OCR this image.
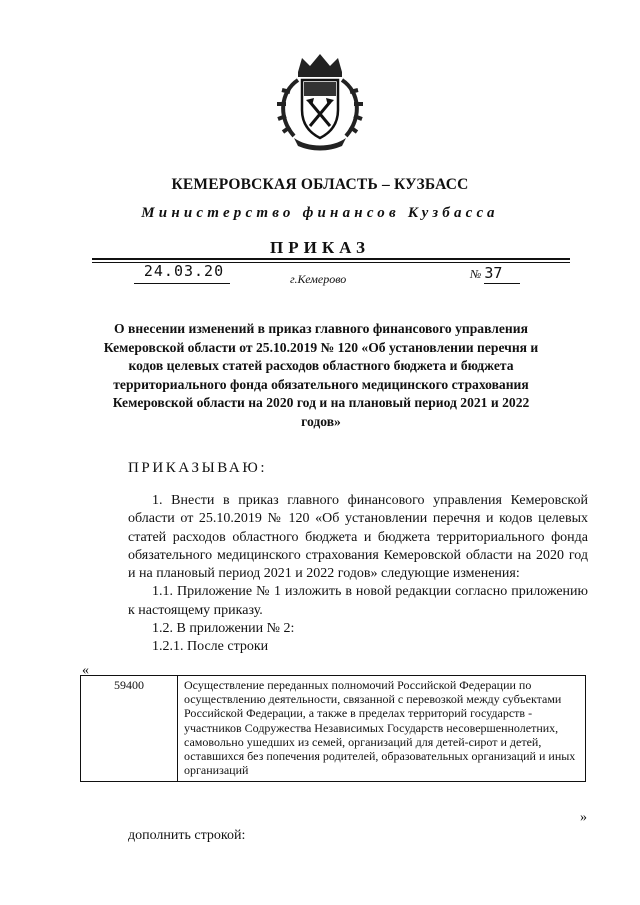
КЕМЕРОВСКАЯ ОБЛАСТЬ – КУЗБАСС
Министерство финансов Кузбасса
ПРИКАЗ
24.03.20	г.Кемерово	№ 37
О внесении изменений в приказ главного финансового управления Кемеровской области от 25.10.2019 № 120 «Об установлении перечня и кодов целевых статей расходов областного бюджета и бюджета территориального фонда обязательного медицинского страхования Кемеровской области на 2020 год и на плановый период 2021 и 2022 годов»
ПРИКАЗЫВАЮ:

1. Внести в приказ главного финансового управления Кемеровской области от 25.10.2019 № 120 «Об установлении перечня и кодов целевых статей расходов областного бюджета и бюджета территориального фонда обязательного медицинского страхования Кемеровской области на 2020 год и на плановый период 2021 и 2022 годов» следующие изменения:

1.1. Приложение № 1 изложить в новой редакции согласно приложению к настоящему приказу.

1.2. В приложении № 2:

1.2.1. После строки

«
59400	Осуществление переданных полномочий Российской Федерации по осуществлению деятельности, связанной с перевозкой между субъектами Российской Федерации, а также в пределах территорий государств - участников Содружества Независимых Государств несовершеннолетних, самовольно ушедших из семей, организаций для детей-сирот и детей, оставшихся без попечения родителей, образовательных организаций и иных организаций
»
дополнить строкой:
